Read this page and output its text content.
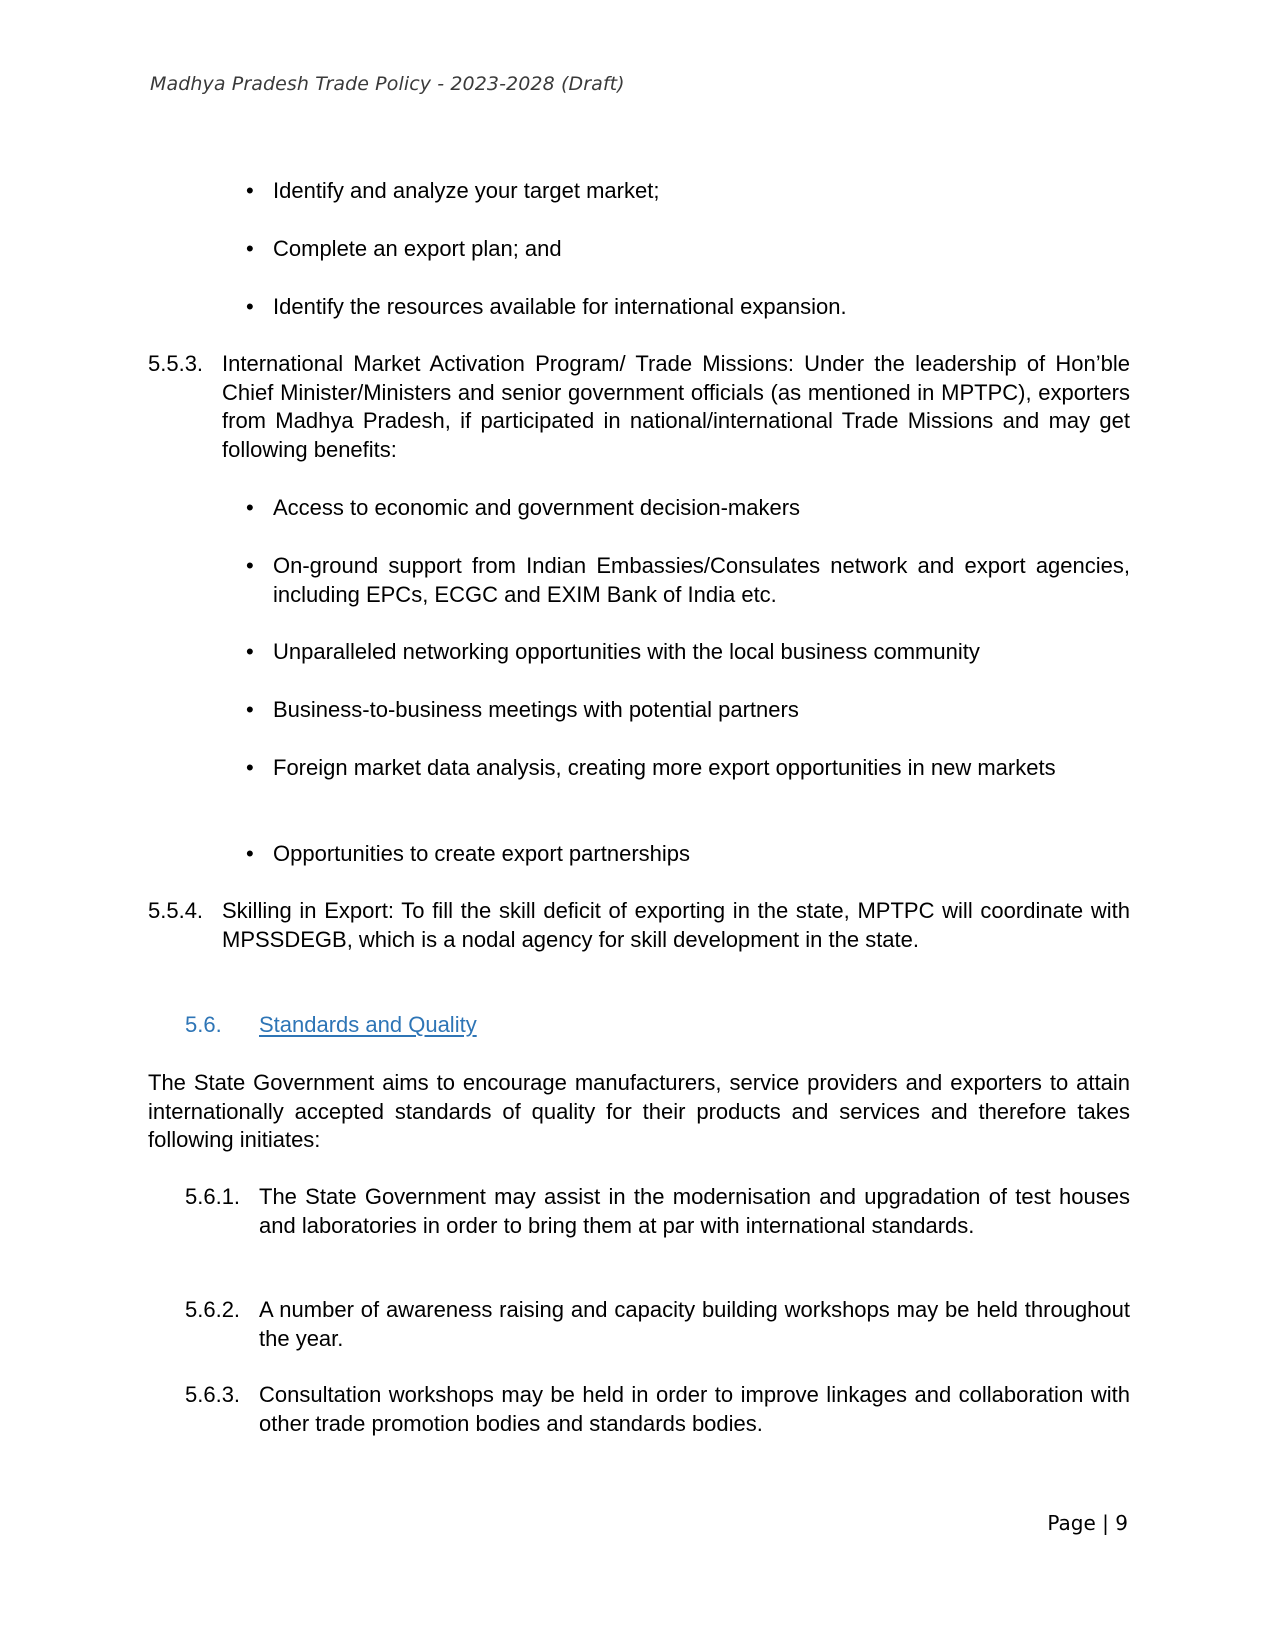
Madhya Pradesh Trade Policy - 2023-2028 (Draft)
• Identify and analyze your target market;
• Complete an export plan; and
• Identify the resources available for international expansion.
5.5.3. International Market Activation Program/ Trade Missions: Under the leadership of Hon’ble Chief Minister/Ministers and senior government officials (as mentioned in MPTPC), exporters from Madhya Pradesh, if participated in national/international Trade Missions and may get following benefits:
• Access to economic and government decision-makers
• On-ground support from Indian Embassies/Consulates network and export agencies, including EPCs, ECGC and EXIM Bank of India etc.
• Unparalleled networking opportunities with the local business community
• Business-to-business meetings with potential partners
• Foreign market data analysis, creating more export opportunities in new markets
• Opportunities to create export partnerships
5.5.4. Skilling in Export: To fill the skill deficit of exporting in the state, MPTPC will coordinate with MPSSDEGB, which is a nodal agency for skill development in the state.
5.6.	Standards and Quality
The State Government aims to encourage manufacturers, service providers and exporters to attain internationally accepted standards of quality for their products and services and therefore takes following initiates:
5.6.1. The State Government may assist in the modernisation and upgradation of test houses and laboratories in order to bring them at par with international standards.
5.6.2. A number of awareness raising and capacity building workshops may be held throughout the year.
5.6.3. Consultation workshops may be held in order to improve linkages and collaboration with other trade promotion bodies and standards bodies.
Page | 9
